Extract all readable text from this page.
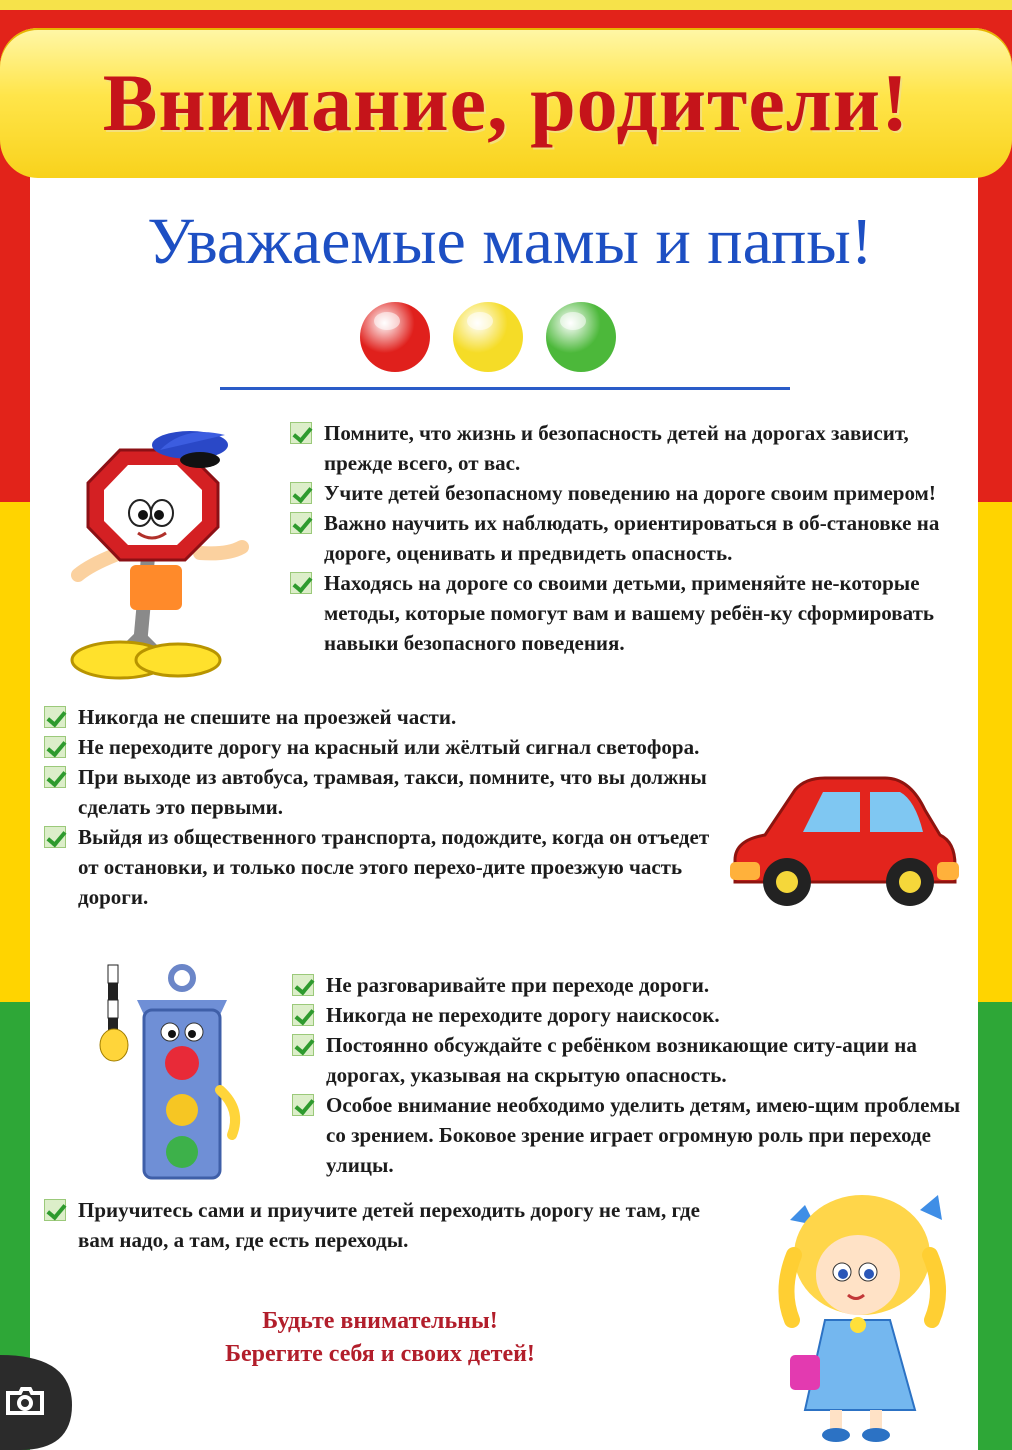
Внимание, родители!
Уважаемые мамы и папы!
Помните, что жизнь и безопасность детей на дорогах зависит, прежде всего, от вас.
Учите детей безопасному поведению на дороге своим примером!
Важно научить их наблюдать, ориентироваться в об-становке на дороге, оценивать и предвидеть опасность.
Находясь на дороге со своими детьми, применяйте не-которые методы, которые помогут вам и вашему ребён-ку сформировать навыки безопасного поведения.
Никогда не спешите на проезжей части.
Не переходите дорогу на красный или жёлтый сигнал светофора.
При выходе из автобуса, трамвая, такси, помните, что вы должны сделать это первыми.
Выйдя из общественного транспорта, подождите, когда он отъедет от остановки, и только после этого перехо-дите проезжую часть дороги.
Не разговаривайте при переходе дороги.
Никогда не переходите дорогу наискосок.
Постоянно обсуждайте с ребёнком возникающие ситу-ации на дорогах, указывая на скрытую опасность.
Особое внимание необходимо уделить детям, имею-щим проблемы со зрением. Боковое зрение играет огромную роль при переходе улицы.
Приучитесь сами и приучите детей переходить дорогу не там, где вам надо, а там, где есть переходы.
Будьте внимательны!
Берегите себя и своих детей!
